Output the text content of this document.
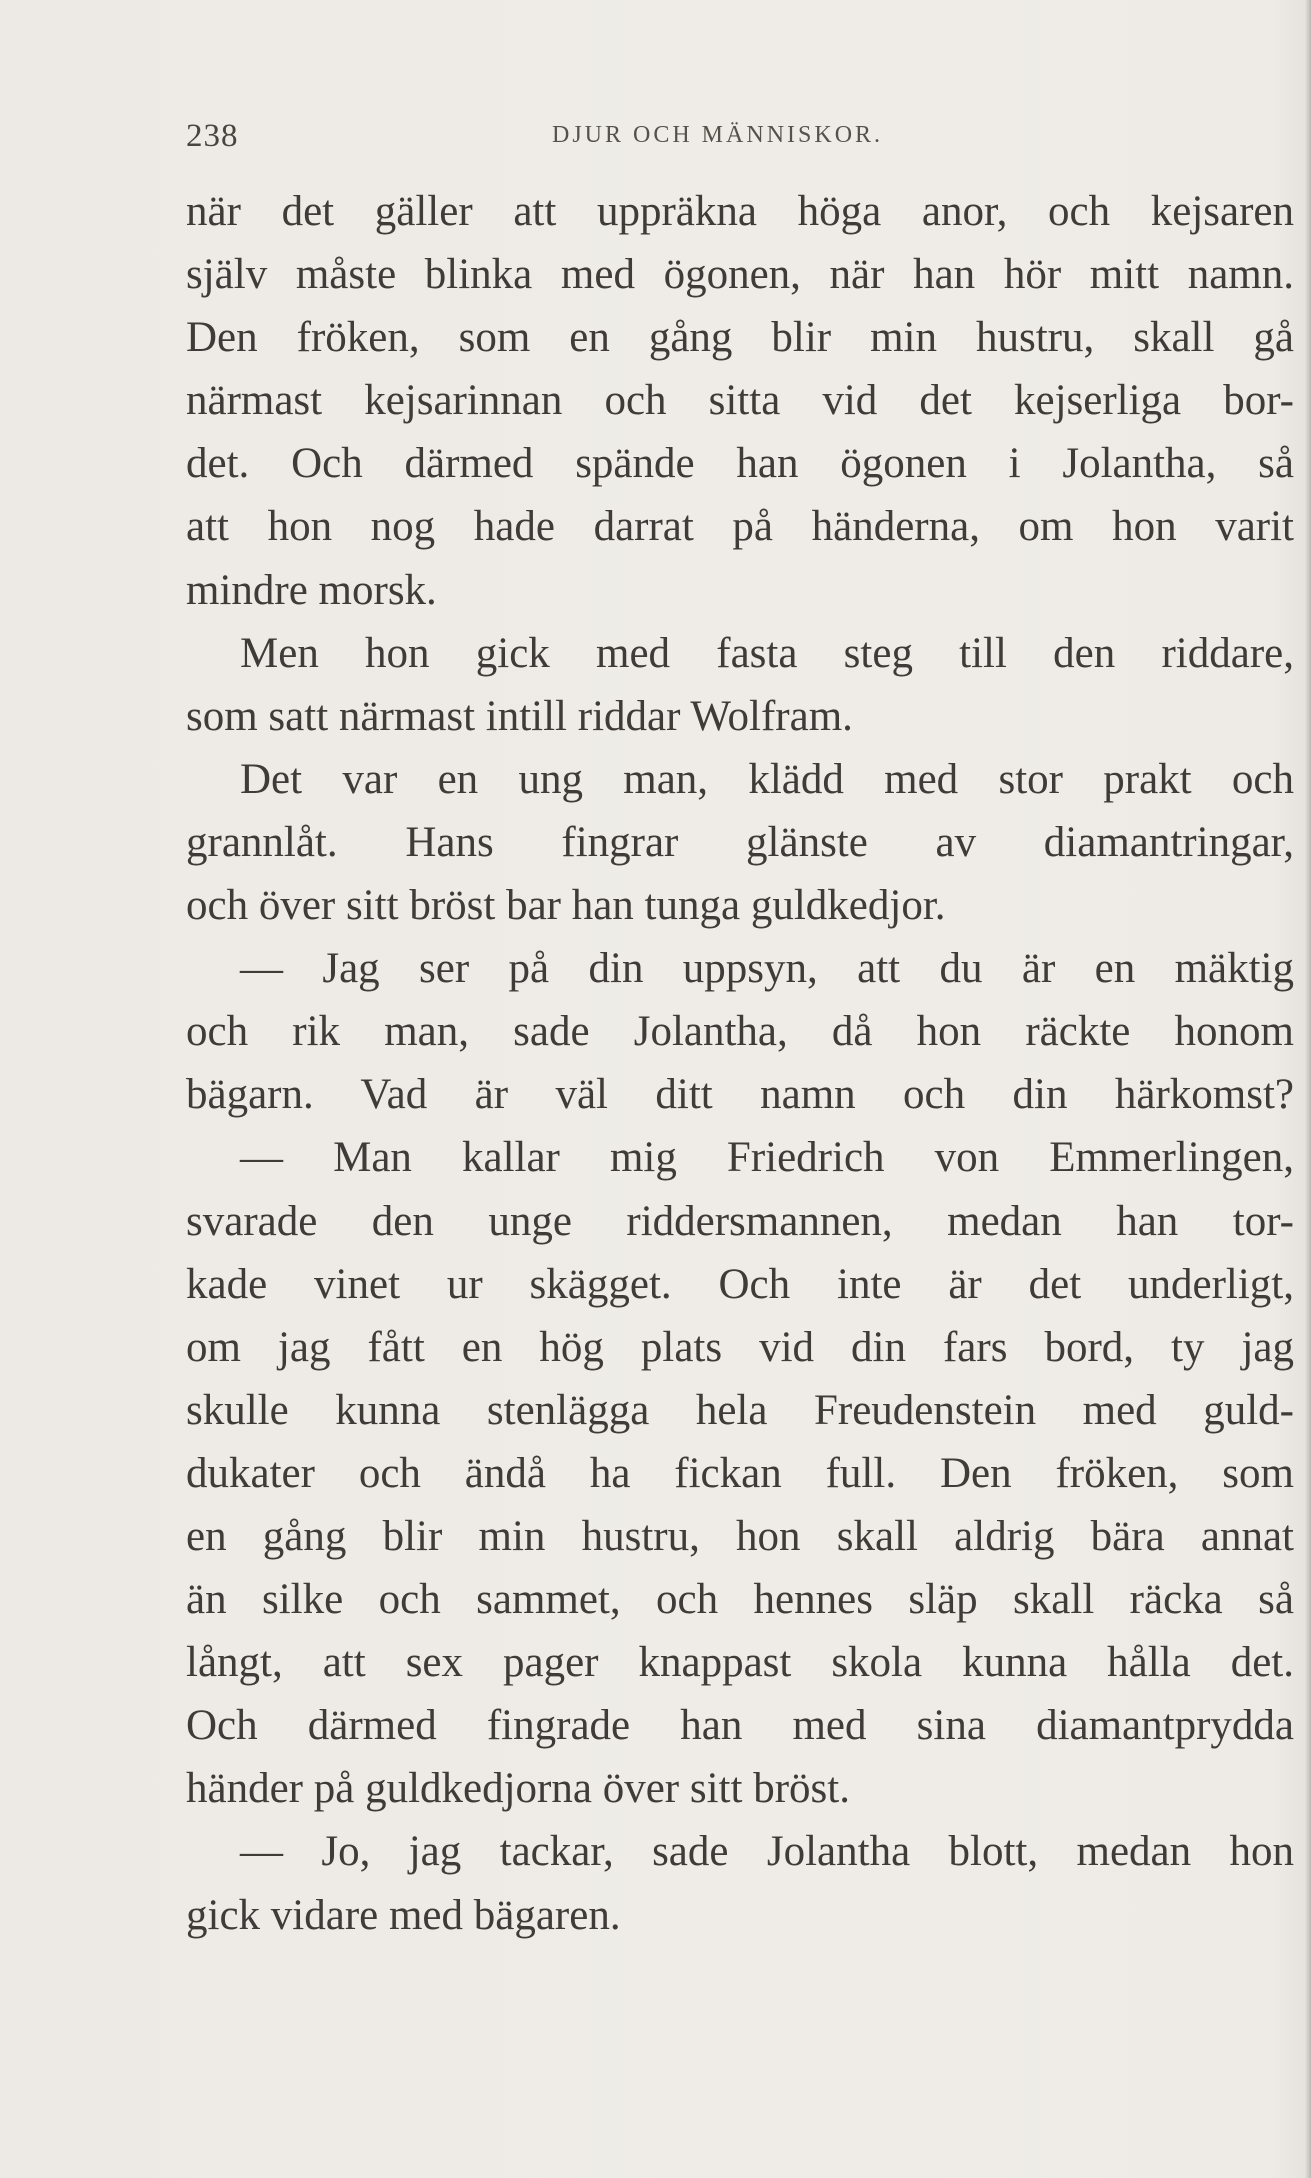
238	DJUR OCH MÄNNISKOR.
när det gäller att uppräkna höga anor, och kejsaren
själv måste blinka med ögonen, när han hör mitt namn.
Den fröken, som en gång blir min hustru, skall gå
närmast kejsarinnan och sitta vid det kejserliga bor-
det. Och därmed spände han ögonen i Jolantha, så
att hon nog hade darrat på händerna, om hon varit
mindre morsk.
Men hon gick med fasta steg till den riddare,
som satt närmast intill riddar Wolfram.
Det var en ung man, klädd med stor prakt och
grannlåt. Hans fingrar glänste av diamantringar,
och över sitt bröst bar han tunga guldkedjor.
— Jag ser på din uppsyn, att du är en mäktig
och rik man, sade Jolantha, då hon räckte honom
bägarn. Vad är väl ditt namn och din härkomst?
— Man kallar mig Friedrich von Emmerlingen,
svarade den unge riddersmannen, medan han tor-
kade vinet ur skägget. Och inte är det underligt,
om jag fått en hög plats vid din fars bord, ty jag
skulle kunna stenlägga hela Freudenstein med guld-
dukater och ändå ha fickan full. Den fröken, som
en gång blir min hustru, hon skall aldrig bära annat
än silke och sammet, och hennes släp skall räcka så
långt, att sex pager knappast skola kunna hålla det.
Och därmed fingrade han med sina diamantprydda
händer på guldkedjorna över sitt bröst.
— Jo, jag tackar, sade Jolantha blott, medan hon
gick vidare med bägaren.
